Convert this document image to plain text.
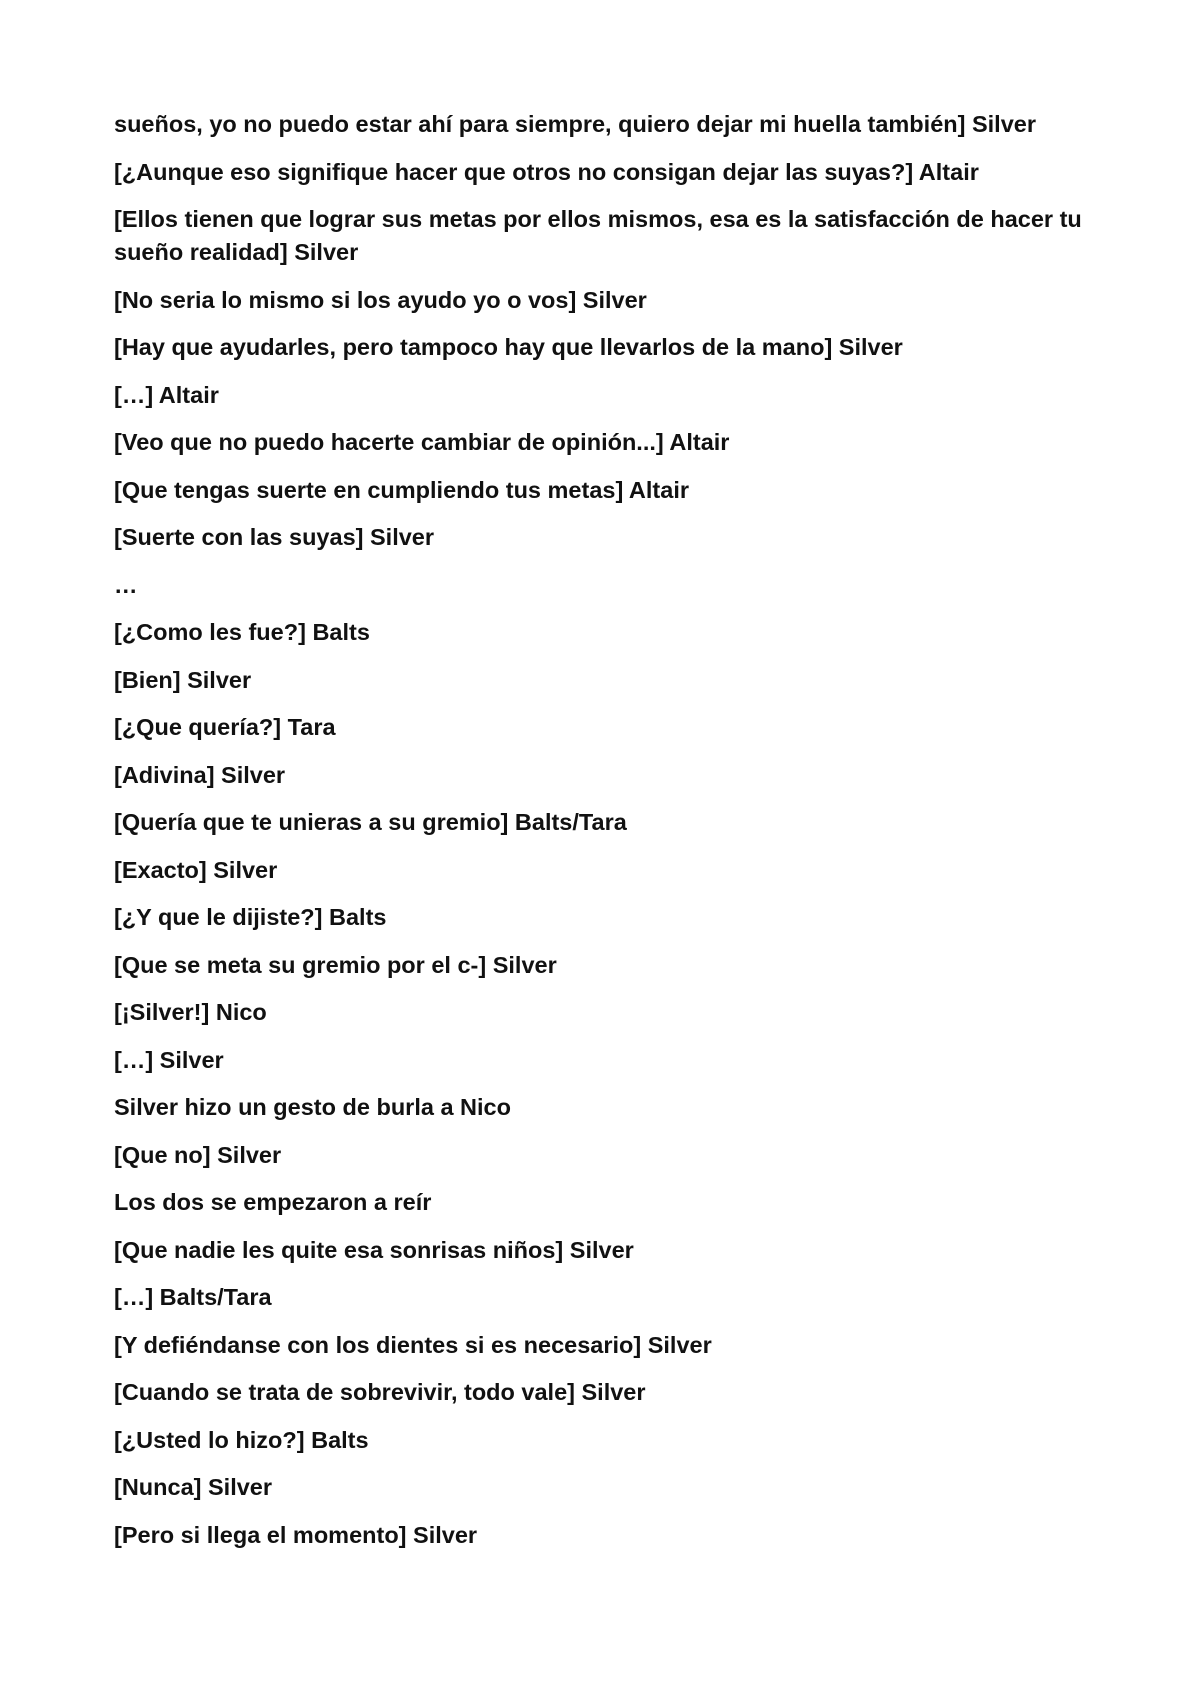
sueños, yo no puedo estar ahí para siempre, quiero dejar mi huella también] Silver

[¿Aunque eso signifique hacer que otros no consigan dejar las suyas?] Altair

[Ellos tienen que lograr sus metas por ellos mismos, esa es la satisfacción de hacer tu sueño realidad] Silver

[No seria lo mismo si los ayudo yo o vos] Silver

[Hay que ayudarles, pero tampoco hay que llevarlos de la mano] Silver

[…] Altair

[Veo que no puedo hacerte cambiar de opinión...] Altair

[Que tengas suerte en cumpliendo tus metas] Altair

[Suerte con las suyas] Silver

…

[¿Como les fue?] Balts

[Bien] Silver

[¿Que quería?] Tara

[Adivina] Silver

[Quería que te unieras a su gremio] Balts/Tara

[Exacto] Silver

[¿Y que le dijiste?] Balts

[Que se meta su gremio por el c-] Silver

[¡Silver!] Nico

[…] Silver

Silver hizo un gesto de burla a Nico

[Que no] Silver

Los dos se empezaron a reír

[Que nadie les quite esa sonrisas niños] Silver

[…] Balts/Tara

[Y defiéndanse con los dientes si es necesario] Silver

[Cuando se trata de sobrevivir, todo vale] Silver

[¿Usted lo hizo?] Balts

[Nunca] Silver

[Pero si llega el momento] Silver
